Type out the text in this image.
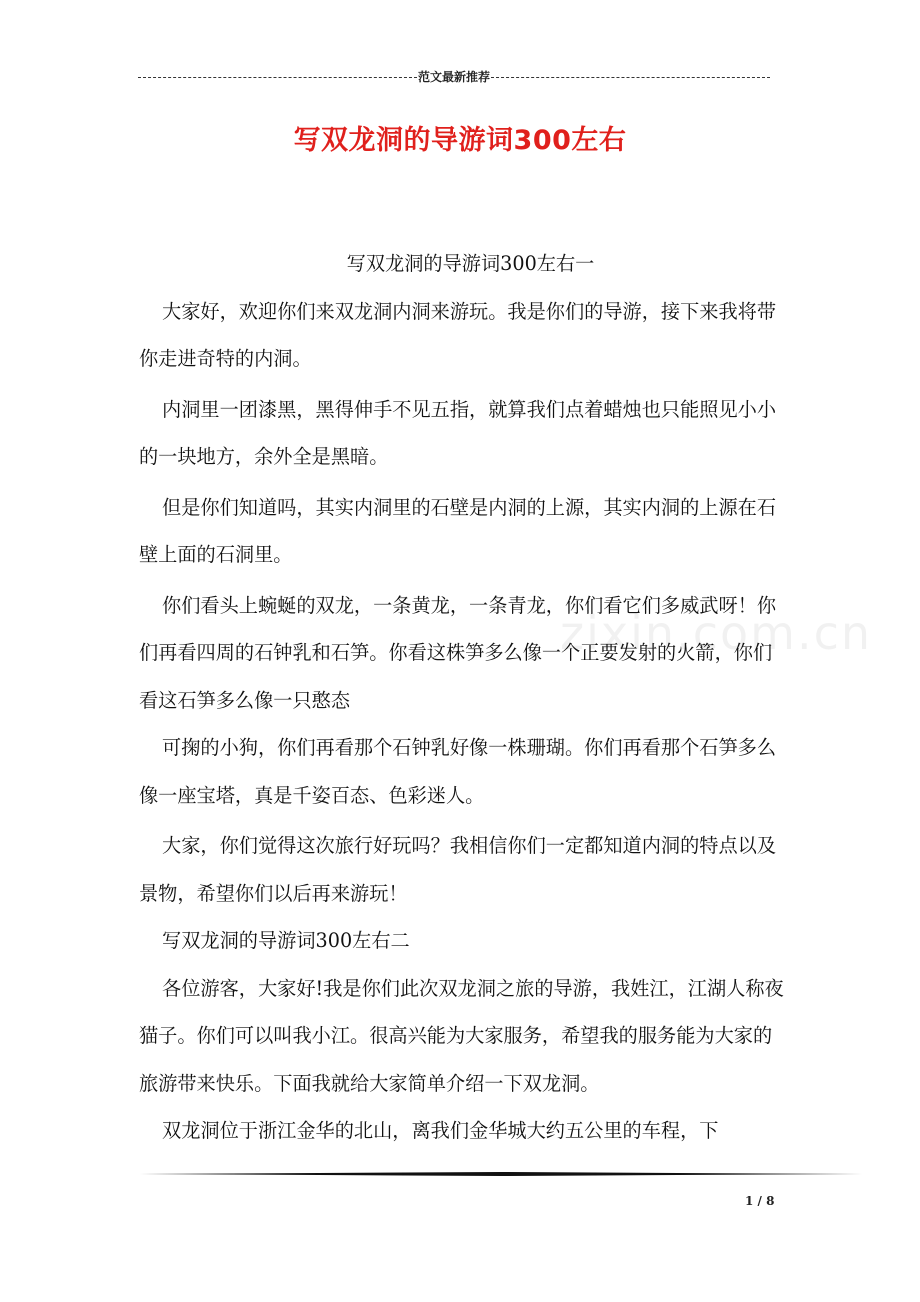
范文最新推荐
写双龙洞的导游词300左右
zixin.com.cn

写双龙洞的导游词300左右一

大家好，欢迎你们来双龙洞内洞来游玩。我是你们的导游，接下来我将带你走进奇特的内洞。

内洞里一团漆黑，黑得伸手不见五指，就算我们点着蜡烛也只能照见小小的一块地方，余外全是黑暗。

但是你们知道吗，其实内洞里的石壁是内洞的上源，其实内洞的上源在石壁上面的石洞里。

你们看头上蜿蜒的双龙，一条黄龙，一条青龙，你们看它们多威武呀！你们再看四周的石钟乳和石笋。你看这株笋多么像一个正要发射的火箭，你们看这石笋多么像一只憨态

可掬的小狗，你们再看那个石钟乳好像一株珊瑚。你们再看那个石笋多么像一座宝塔，真是千姿百态、色彩迷人。

大家，你们觉得这次旅行好玩吗？我相信你们一定都知道内洞的特点以及景物，希望你们以后再来游玩！

写双龙洞的导游词300左右二

各位游客，大家好!我是你们此次双龙洞之旅的导游，我姓江，江湖人称夜猫子。你们可以叫我小江。很高兴能为大家服务，希望我的服务能为大家的旅游带来快乐。下面我就给大家简单介绍一下双龙洞。

双龙洞位于浙江金华的北山，离我们金华城大约五公里的车程，下

1 / 8
